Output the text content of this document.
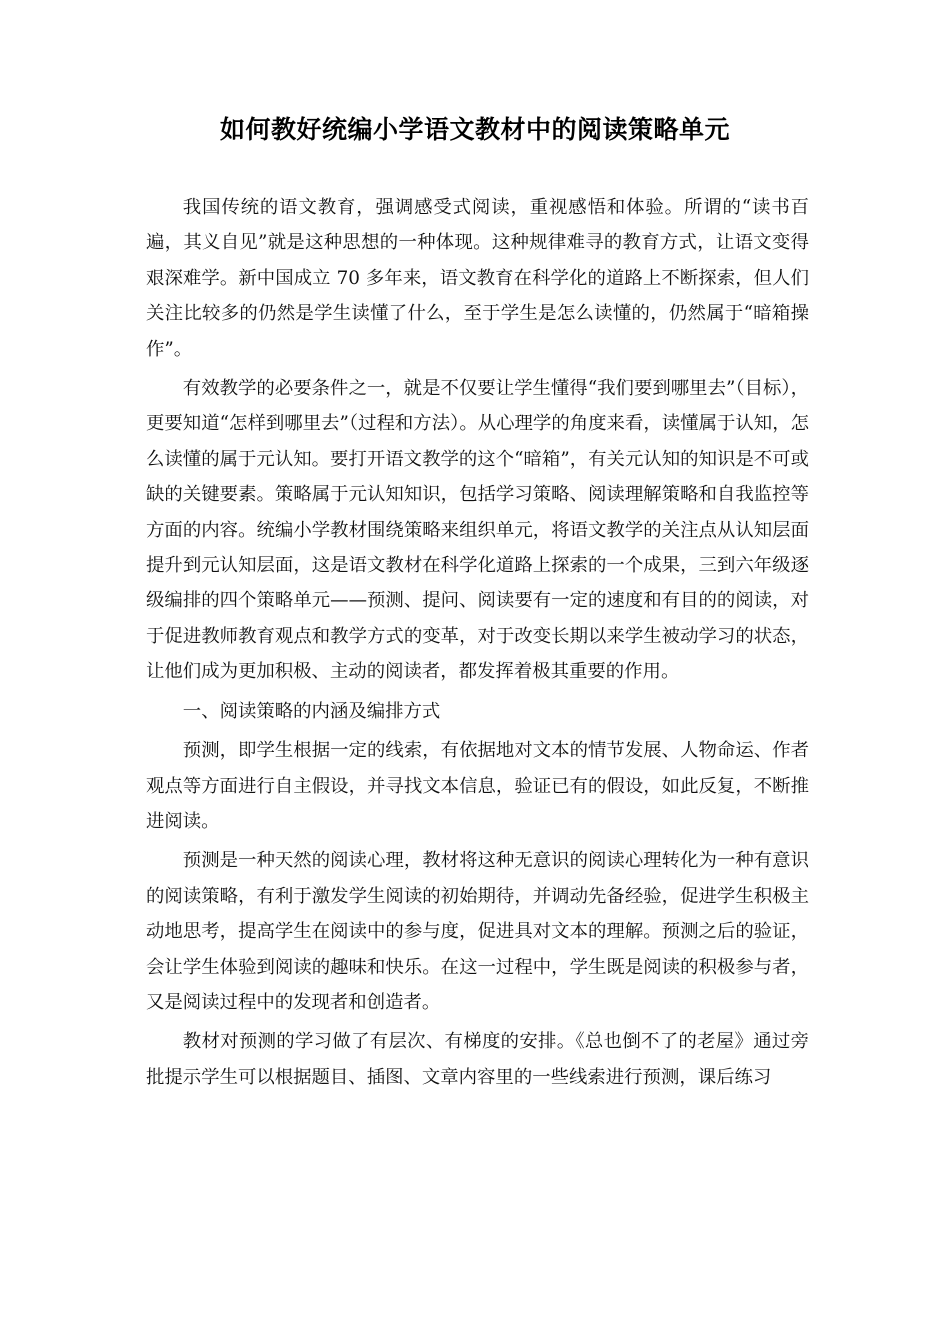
如何教好统编小学语文教材中的阅读策略单元

我国传统的语文教育，强调感受式阅读，重视感悟和体验。所谓的“读书百遍，其义自见”就是这种思想的一种体现。这种规律难寻的教育方式，让语文变得艰深难学。新中国成立 70 多年来，语文教育在科学化的道路上不断探索，但人们关注比较多的仍然是学生读懂了什么，至于学生是怎么读懂的，仍然属于“暗箱操作”。

有效教学的必要条件之一，就是不仅要让学生懂得“我们要到哪里去”（目标），更要知道“怎样到哪里去”（过程和方法）。从心理学的角度来看，读懂属于认知，怎么读懂的属于元认知。要打开语文教学的这个“暗箱”，有关元认知的知识是不可或缺的关键要素。策略属于元认知知识，包括学习策略、阅读理解策略和自我监控等方面的内容。统编小学教材围绕策略来组织单元，将语文教学的关注点从认知层面提升到元认知层面，这是语文教材在科学化道路上探索的一个成果，三到六年级逐级编排的四个策略单元——预测、提问、阅读要有一定的速度和有目的的阅读，对于促进教师教育观点和教学方式的变革，对于改变长期以来学生被动学习的状态，让他们成为更加积极、主动的阅读者，都发挥着极其重要的作用。

一、阅读策略的内涵及编排方式

预测，即学生根据一定的线索，有依据地对文本的情节发展、人物命运、作者观点等方面进行自主假设，并寻找文本信息，验证已有的假设，如此反复，不断推进阅读。

预测是一种天然的阅读心理，教材将这种无意识的阅读心理转化为一种有意识的阅读策略，有利于激发学生阅读的初始期待，并调动先备经验，促进学生积极主动地思考，提高学生在阅读中的参与度，促进具对文本的理解。预测之后的验证，会让学生体验到阅读的趣味和快乐。在这一过程中，学生既是阅读的积极参与者，又是阅读过程中的发现者和创造者。

教材对预测的学习做了有层次、有梯度的安排。《总也倒不了的老屋》通过旁批提示学生可以根据题目、插图、文章内容里的一些线索进行预测，课后练习
